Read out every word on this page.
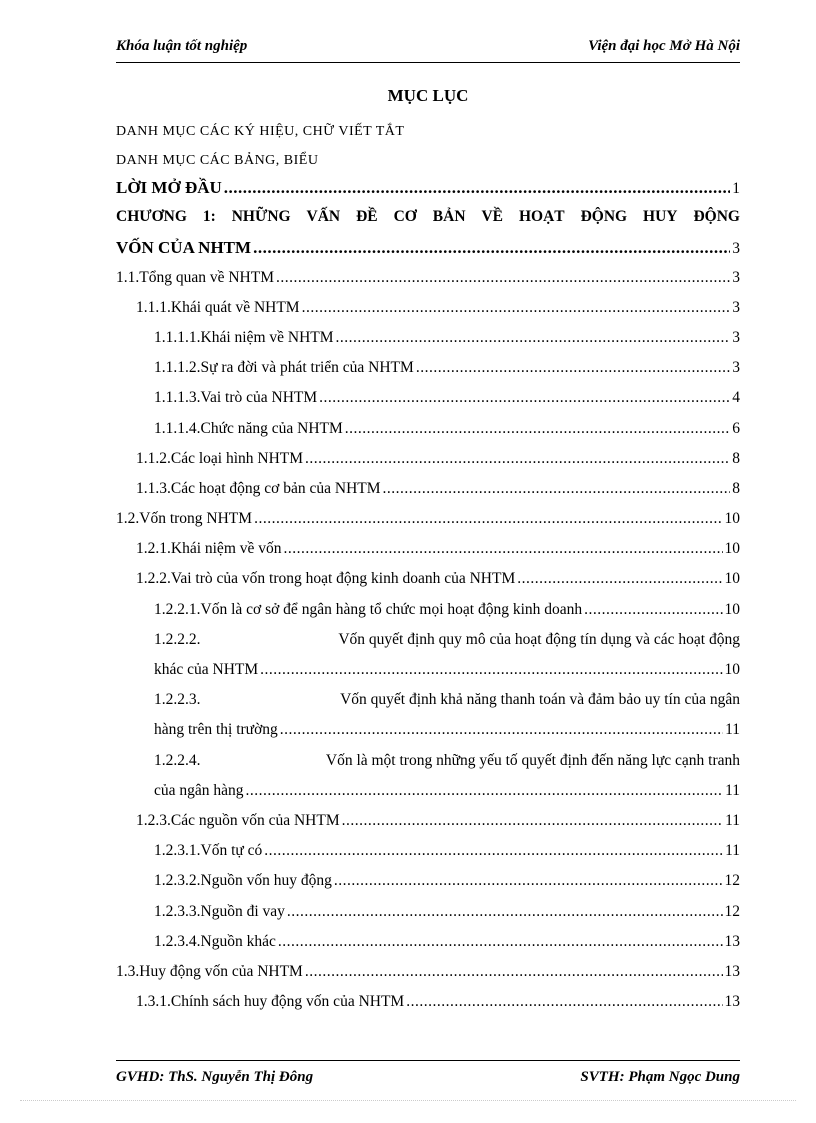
Khóa luận tốt nghiệp	Viện đại học Mở Hà Nội
MỤC LỤC
DANH MỤC CÁC KÝ HIỆU, CHỮ VIẾT TẮT
DANH MỤC CÁC BẢNG, BIỂU
LỜI MỞ ĐẦU .....	1
CHƯƠNG 1: NHỮNG VẤN ĐỀ CƠ BẢN VỀ HOẠT ĐỘNG HUY ĐỘNG
VỐN CỦA NHTM .....	3
1.1.Tổng quan về NHTM .....	3
1.1.1.Khái quát về NHTM .....	3
1.1.1.1.Khái niệm về NHTM .....	3
1.1.1.2.Sự ra đời và phát triển của NHTM .....	3
1.1.1.3.Vai trò của NHTM .....	4
1.1.1.4.Chức năng của NHTM .....	6
1.1.2.Các loại hình NHTM .....	8
1.1.3.Các hoạt động cơ bản của NHTM .....	8
1.2.Vốn trong NHTM .....	10
1.2.1.Khái niệm về vốn .....	10
1.2.2.Vai trò của vốn trong hoạt động kinh doanh của NHTM .....	10
1.2.2.1.Vốn là cơ sở để ngân hàng tổ chức mọi hoạt động kinh doanh .....	10
1.2.2.2.	Vốn quyết định quy mô của hoạt động tín dụng và các hoạt động
khác của NHTM .....	10
1.2.2.3.	Vốn quyết định khả năng thanh toán và đảm bảo uy tín của ngân
hàng trên thị trường .....	11
1.2.2.4.	Vốn là một trong những yếu tố quyết định đến năng lực cạnh tranh
của ngân hàng .....	11
1.2.3.Các nguồn vốn của NHTM .....	11
1.2.3.1.Vốn tự có .....	11
1.2.3.2.Nguồn vốn huy động .....	12
1.2.3.3.Nguồn đi vay .....	12
1.2.3.4.Nguồn khác .....	13
1.3.Huy động vốn của NHTM .....	13
1.3.1.Chính sách huy động vốn của NHTM .....	13
GVHD: ThS. Nguyễn Thị Đông	SVTH: Phạm Ngọc Dung
